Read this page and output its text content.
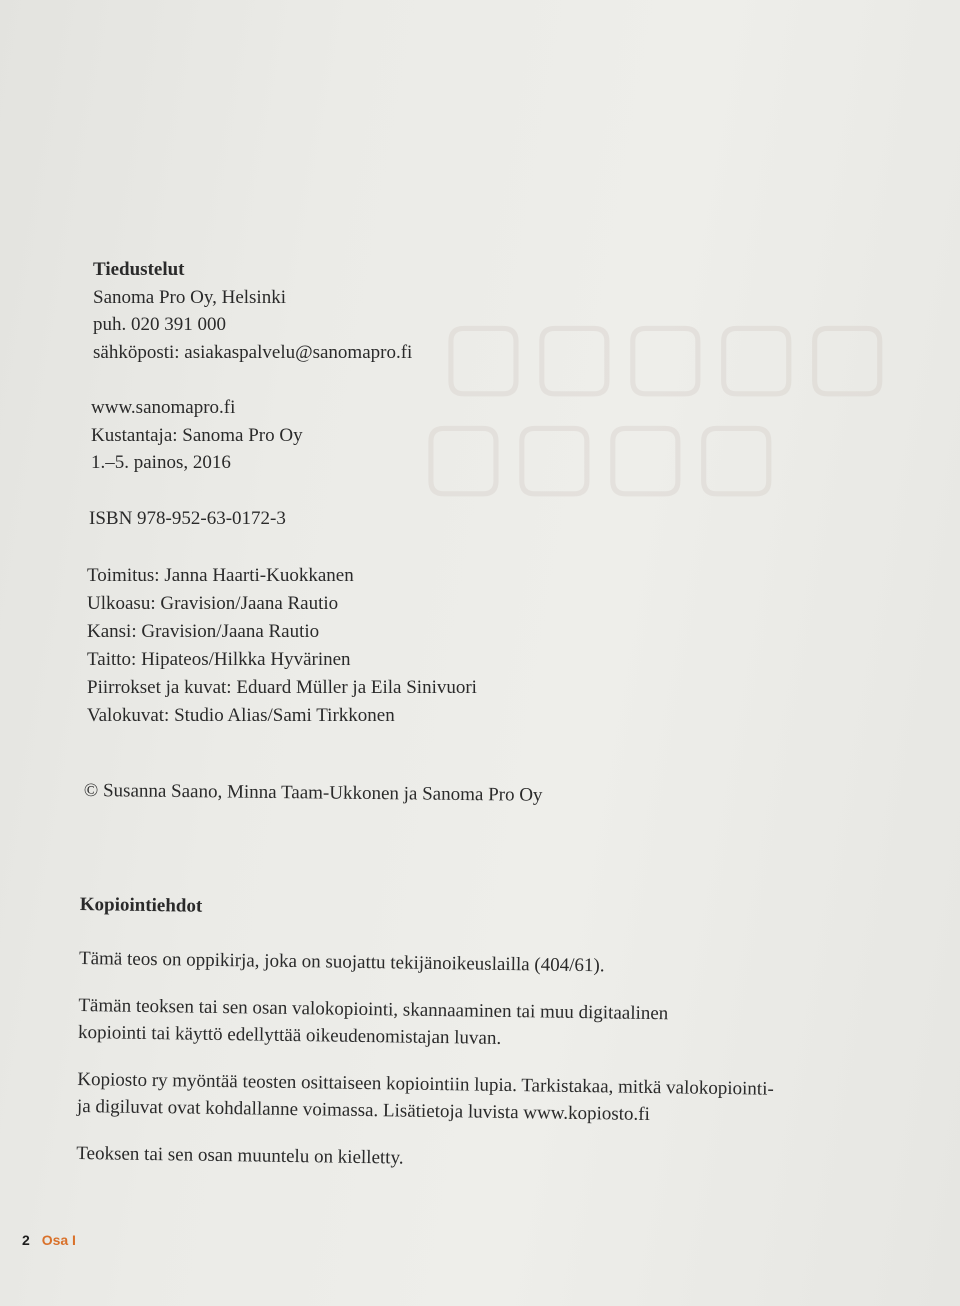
▢▢▢▢▢
▢▢▢▢
Tiedustelut
Sanoma Pro Oy, Helsinki
puh. 020 391 000
sähköposti: asiakaspalvelu@sanomapro.fi
www.sanomapro.fi
Kustantaja: Sanoma Pro Oy
1.–5. painos, 2016
ISBN 978-952-63-0172-3
Toimitus: Janna Haarti-Kuokkanen
Ulkoasu: Gravision/Jaana Rautio
Kansi: Gravision/Jaana Rautio
Taitto: Hipateos/Hilkka Hyvärinen
Piirrokset ja kuvat: Eduard Müller ja Eila Sinivuori
Valokuvat: Studio Alias/Sami Tirkkonen
© Susanna Saano, Minna Taam-Ukkonen ja Sanoma Pro Oy
Kopiointiehdot
Tämä teos on oppikirja, joka on suojattu tekijänoikeuslailla (404/61).
Tämän teoksen tai sen osan valokopiointi, skannaaminen tai muu digitaalinen
kopiointi tai käyttö edellyttää oikeudenomistajan luvan.
Kopiosto ry myöntää teosten osittaiseen kopiointiin lupia. Tarkistakaa, mitkä valokopiointi-
ja digiluvat ovat kohdallanne voimassa. Lisätietoja luvista www.kopiosto.fi
Teoksen tai sen osan muuntelu on kielletty.
2 Osa I
